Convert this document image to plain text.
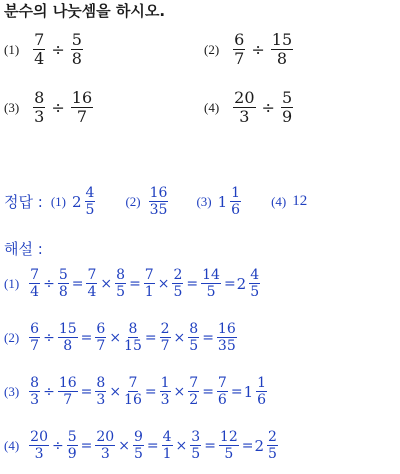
분수의 나눗셈을 하시오.
$(1) \frac{7}{4} \div \frac{5}{8}$	$(2) \frac{6}{7} \div \frac{15}{8}$
$(3) \frac{8}{3} \div \frac{16}{7}$	$(4) \frac{20}{3} \div \frac{5}{9}$
정답 : (1) $2 \frac{4}{5} (2) \frac{16}{35} (3)$ $1 \frac{1}{6} (4)$ 12
해설 :
$(1) \frac{7}{4} \div \frac{5}{8} = \frac{7}{4} \times \frac{8}{5} = \frac{7}{1} \times \frac{2}{5} = \frac{14}{5} = 2 \frac{4}{5}$
$(2) \frac{6}{7} \div \frac{15}{8} = \frac{6}{7} \times \frac{8}{15} = \frac{2}{7} \times \frac{8}{5} = \frac{16}{35}$
$(3) \frac{8}{3} \div \frac{16}{7} = \frac{8}{3} \times \frac{7}{16} = \frac{1}{3} \times \frac{7}{2} = \frac{7}{6} = 1 \frac{1}{6}$
$(4) \frac{20}{3} \div \frac{5}{9} = \frac{20}{3} \times \frac{9}{5} = \frac{4}{1} \times \frac{3}{5} = \frac{12}{5} = 2 \frac{2}{5}$
